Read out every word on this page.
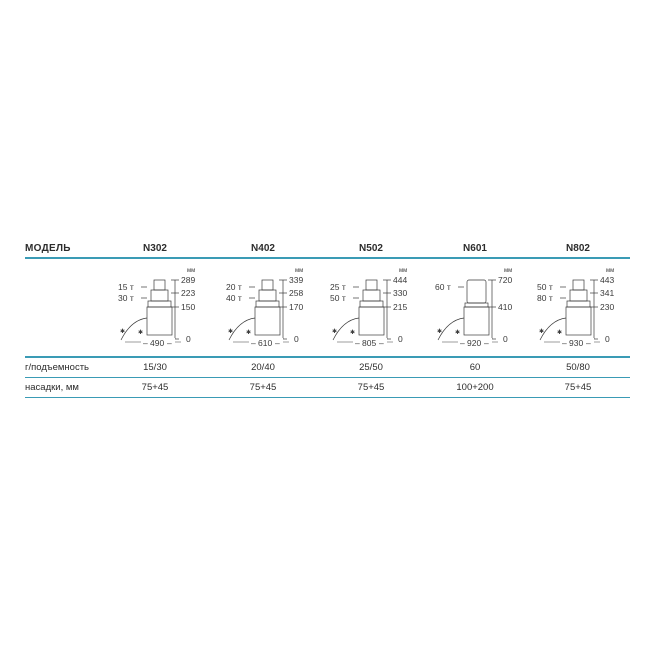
МОДЕЛЬ	N302	N402	N502	N601	N802
мм
15 т
30 т
✱ ✱
289
223
150
0
– 490 –
мм
20 т
40 т
✱ ✱
339
258
170
0
– 610 –
мм
25 т
50 т
✱ ✱
444
330
215
0
– 805 –
мм
60 т
✱ ✱
720
410
0
– 920 –
мм
50 т
80 т
✱ ✱
443
341
230
0
– 930 –
г/подъемность	15/30	20/40	25/50	60	50/80
насадки, мм	75+45	75+45	75+45	100+200	75+45
